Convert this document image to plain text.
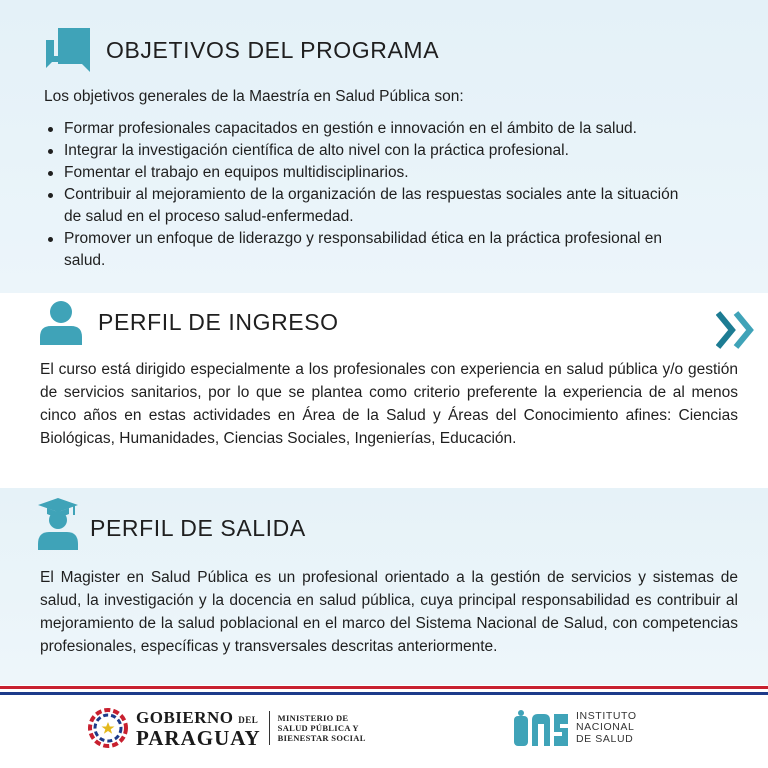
OBJETIVOS DEL PROGRAMA
Los objetivos generales de la Maestría en Salud Pública son:
Formar profesionales capacitados en gestión e innovación en el ámbito de la salud.
Integrar la investigación científica de alto nivel con la práctica profesional.
Fomentar el trabajo en equipos multidisciplinarios.
Contribuir al mejoramiento de la organización de las respuestas sociales ante la situación de salud en el proceso salud-enfermedad.
Promover un enfoque de liderazgo y responsabilidad ética en la práctica profesional en salud.
PERFIL DE INGRESO
El curso está dirigido especialmente a los profesionales con experiencia en salud pública y/o gestión de servicios sanitarios, por lo que se plantea como criterio preferente la experiencia de al menos cinco años en estas actividades en Área de la Salud y Áreas del Conocimiento afines: Ciencias Biológicas, Humanidades, Ciencias Sociales, Ingenierías, Educación.
PERFIL DE SALIDA
El Magister en Salud Pública es un profesional orientado a la gestión de servicios y sistemas de salud, la investigación y la docencia en salud pública, cuya principal responsabilidad es contribuir al mejoramiento de la salud poblacional en el marco del Sistema Nacional de Salud, con competencias profesionales, específicas y transversales descritas anteriormente.
GOBIERNO DEL
PARAGUAY
MINISTERIO DE
SALUD PÚBLICA Y
BIENESTAR SOCIAL
INSTITUTO
NACIONAL
DE SALUD
